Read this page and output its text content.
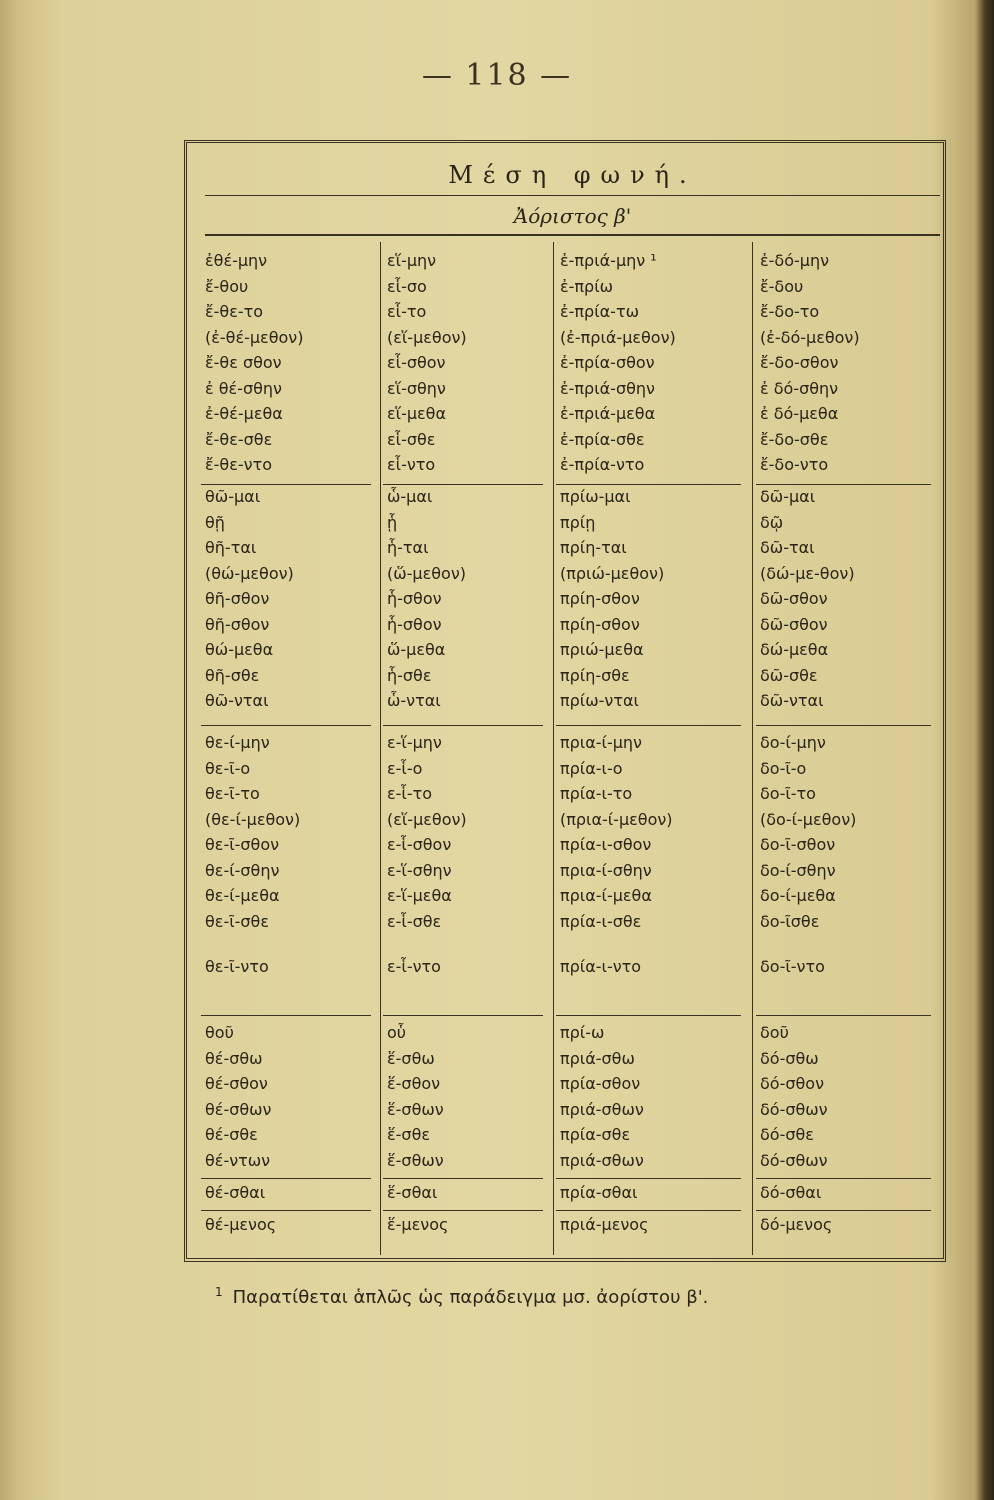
— 118 —
Μέση φωνή.
Ἀόριστος β'
ἐθέ-μην
ἔ-θου
ἔ-θε-το
(ἐ-θέ-μεθον)
ἔ-θε σθον
ἐ θέ-σθην
ἐ-θέ-μεθα
ἔ-θε-σθε
ἔ-θε-ντο
θῶ-μαι
θῇ
θῆ-ται
(θώ-μεθον)
θῆ-σθον
θῆ-σθον
θώ-μεθα
θῆ-σθε
θῶ-νται
θε-ί-μην
θε-ῖ-ο
θε-ῖ-το
(θε-ί-μεθον)
θε-ῖ-σθον
θε-ί-σθην
θε-ί-μεθα
θε-ῖ-σθε
θε-ῖ-ντο
θοῦ
θέ-σθω
θέ-σθον
θέ-σθων
θέ-σθε
θέ-ντων
θέ-σθαι
θέ-μενος
εἵ-μην
εἷ-σο
εἷ-το
(εἵ-μεθον)
εἷ-σθον
εἵ-σθην
εἵ-μεθα
εἷ-σθε
εἷ-ντο
ὧ-μαι
ᾗ
ἧ-ται
(ὥ-μεθον)
ἧ-σθον
ἧ-σθον
ὥ-μεθα
ἧ-σθε
ὧ-νται
ε-ἵ-μην
ε-ἷ-ο
ε-ἷ-το
(εἵ-μεθον)
ε-ἷ-σθον
ε-ἵ-σθην
ε-ἵ-μεθα
ε-ἷ-σθε
ε-ἷ-ντο
οὗ
ἕ-σθω
ἕ-σθον
ἕ-σθων
ἕ-σθε
ἕ-σθων
ἕ-σθαι
ἕ-μενος
ἐ-πριά-μην ¹
ἐ-πρίω
ἐ-πρία-τω
(ἐ-πριά-μεθον)
ἐ-πρία-σθον
ἐ-πριά-σθην
ἐ-πριά-μεθα
ἐ-πρία-σθε
ἐ-πρία-ντο
πρίω-μαι
πρίῃ
πρίη-ται
(πριώ-μεθον)
πρίη-σθον
πρίη-σθον
πριώ-μεθα
πρίη-σθε
πρίω-νται
πρια-ί-μην
πρία-ι-ο
πρία-ι-το
(πρια-ί-μεθον)
πρία-ι-σθον
πρια-ί-σθην
πρια-ί-μεθα
πρία-ι-σθε
πρία-ι-ντο
πρί-ω
πριά-σθω
πρία-σθον
πριά-σθων
πρία-σθε
πριά-σθων
πρία-σθαι
πριά-μενος
ἐ-δό-μην
ἔ-δου
ἔ-δο-το
(ἐ-δό-μεθον)
ἔ-δο-σθον
ἐ δό-σθην
ἐ δό-μεθα
ἔ-δο-σθε
ἔ-δο-ντο
δῶ-μαι
δῷ
δῶ-ται
(δώ-με-θον)
δῶ-σθον
δῶ-σθον
δώ-μεθα
δῶ-σθε
δῶ-νται
δο-ί-μην
δο-ῖ-ο
δο-ῖ-το
(δο-ί-μεθον)
δο-ῖ-σθον
δο-ί-σθην
δο-ί-μεθα
δο-ῖσθε
δο-ῖ-ντο
δοῦ
δό-σθω
δό-σθον
δό-σθων
δό-σθε
δό-σθων
δό-σθαι
δό-μενος
$^1$ Παρατίθεται ἁπλῶς ὡς παράδειγμα μσ. ἀορίστου β'.
